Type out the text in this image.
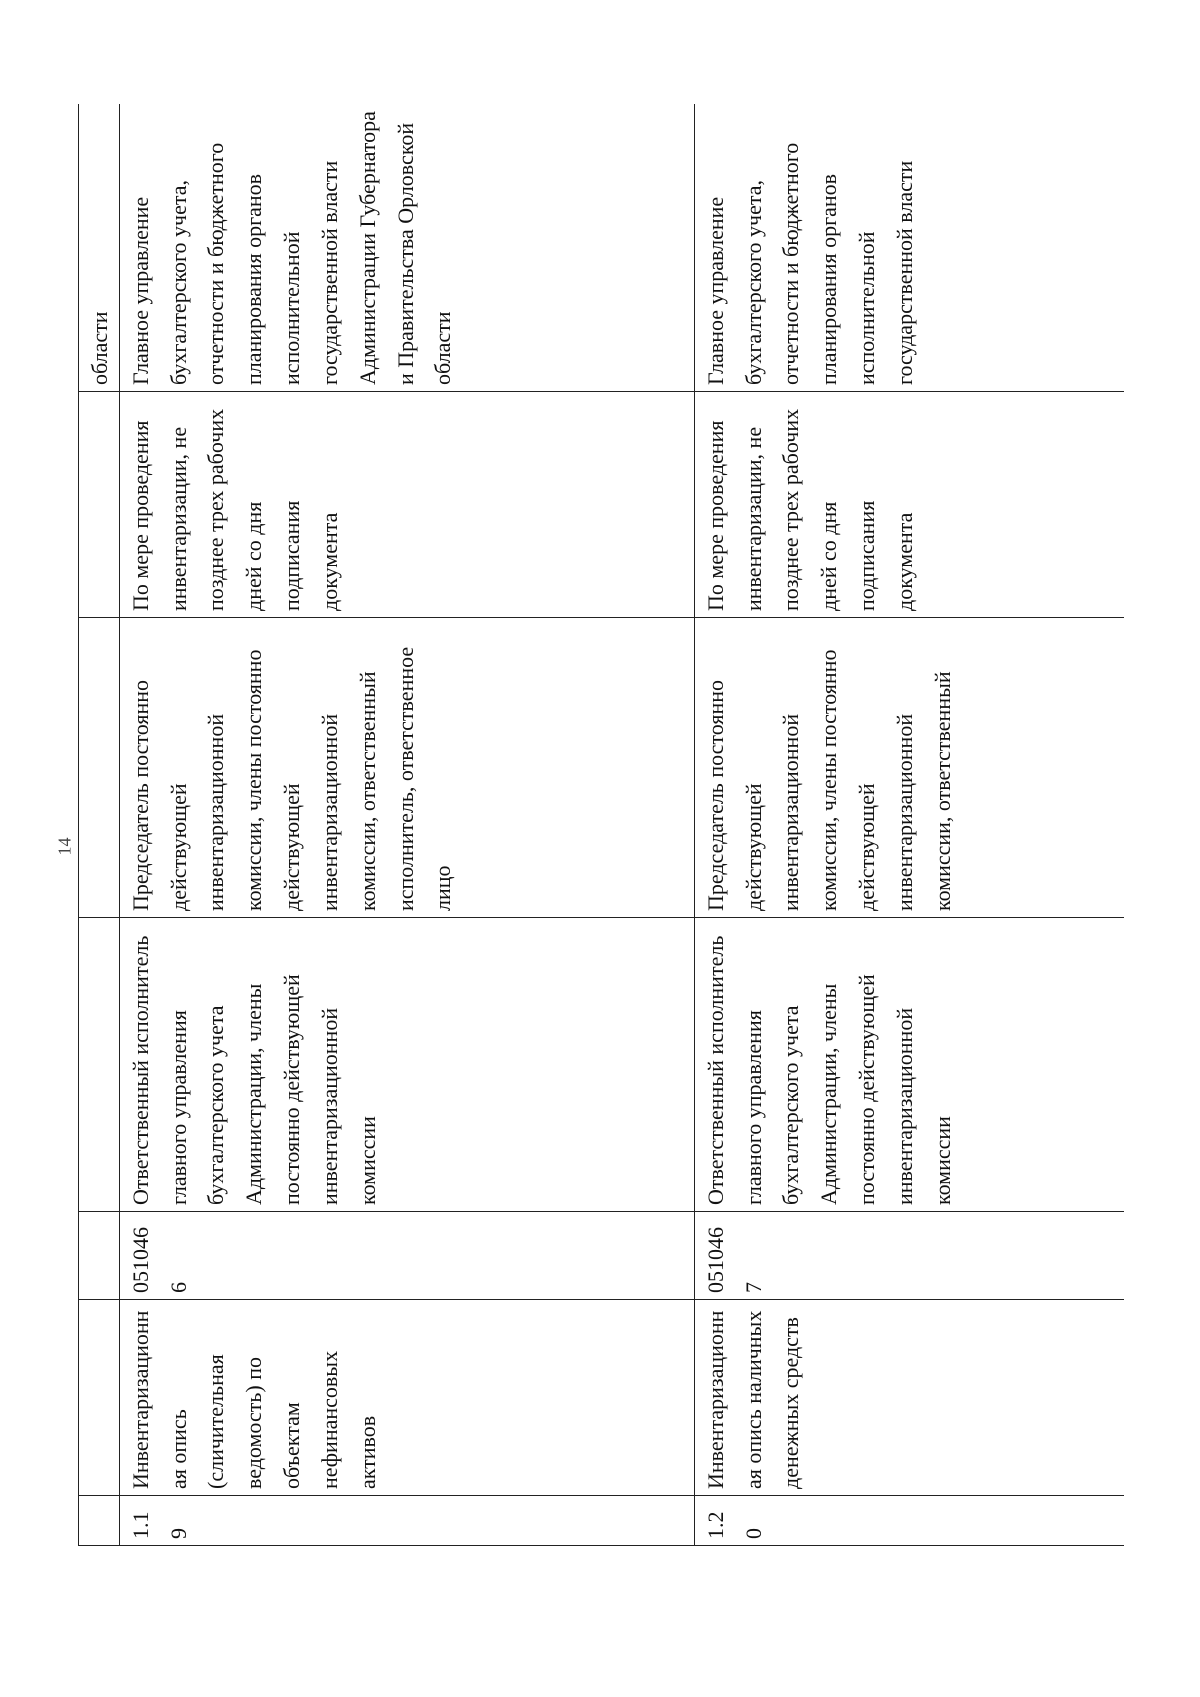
14
						области
1.19	Инвентаризационная опись (сличительная ведомость) по объектам нефинансовых активов	0510466	Ответственный исполнитель главного управления бухгалтерского учета Администрации, члены постоянно действующей инвентаризационной комиссии	Председатель постоянно действующей инвентаризационной комиссии, члены постоянно действующей инвентаризационной комиссии, ответственный исполнитель, ответственное лицо	По мере проведения инвентаризации, не позднее трех рабочих дней со дня подписания документа	Главное управление бухгалтерского учета, отчетности и бюджетного планирования органов исполнительной государственной власти Администрации Губернатора и Правительства Орловской области
1.20	Инвентаризационная опись наличных денежных средств	0510467	Ответственный исполнитель главного управления бухгалтерского учета Администрации, члены постоянно действующей инвентаризационной комиссии	Председатель постоянно действующей инвентаризационной комиссии, члены постоянно действующей инвентаризационной комиссии, ответственный	По мере проведения инвентаризации, не позднее трех рабочих дней со дня подписания документа	Главное управление бухгалтерского учета, отчетности и бюджетного планирования органов исполнительной государственной власти
